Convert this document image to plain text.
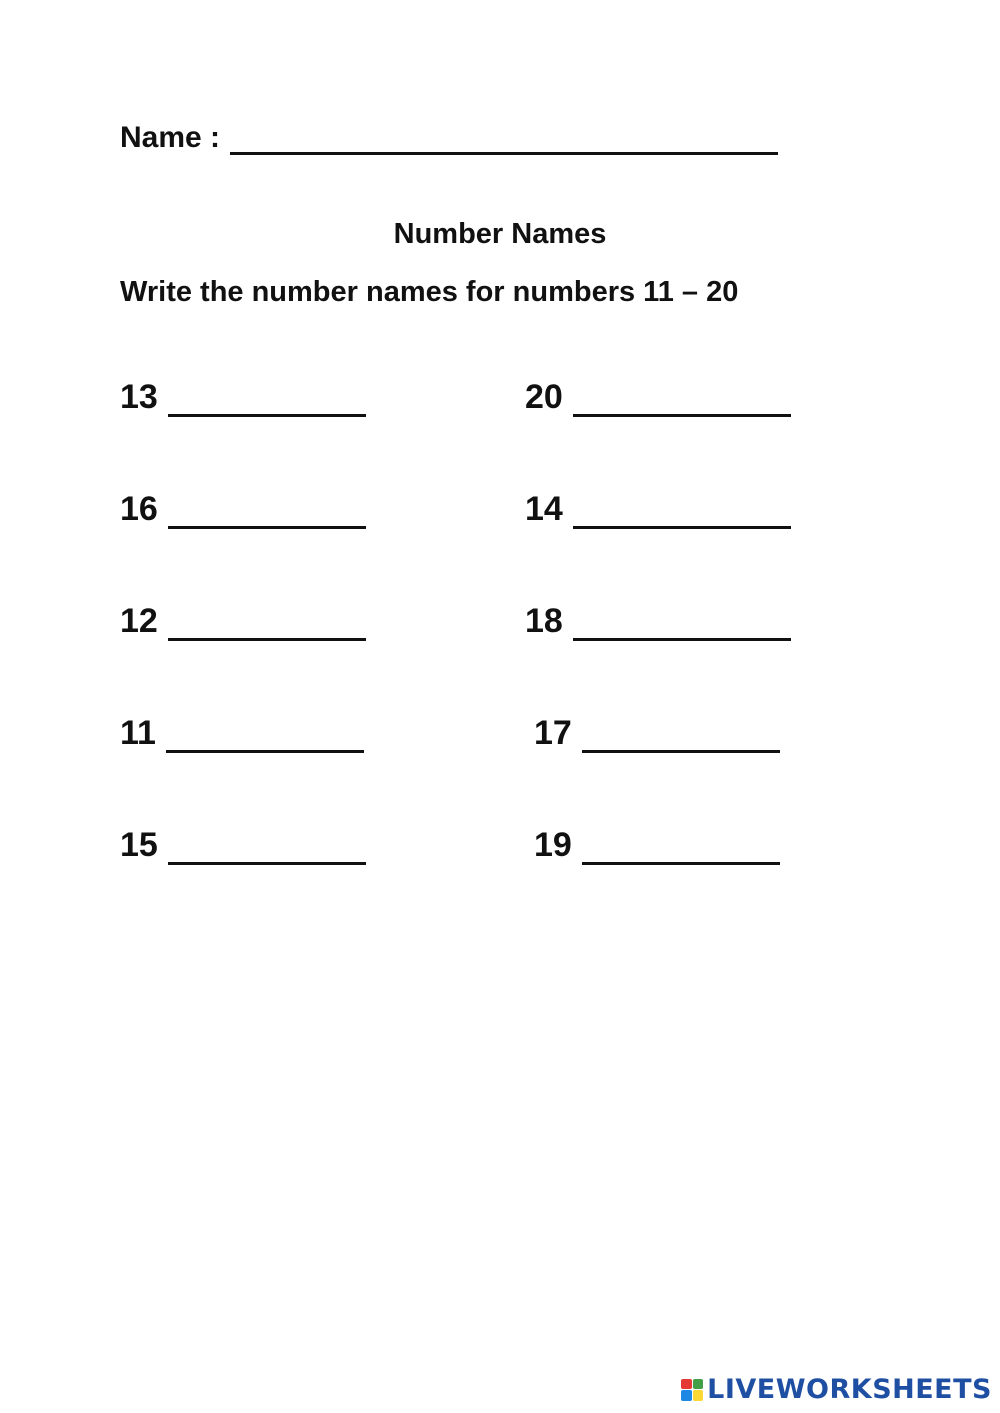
Name :
Number Names
Write the number names for numbers 11 – 20
13	20
16	14
12	18
11	17
15	19
LIVEWORKSHEETS
